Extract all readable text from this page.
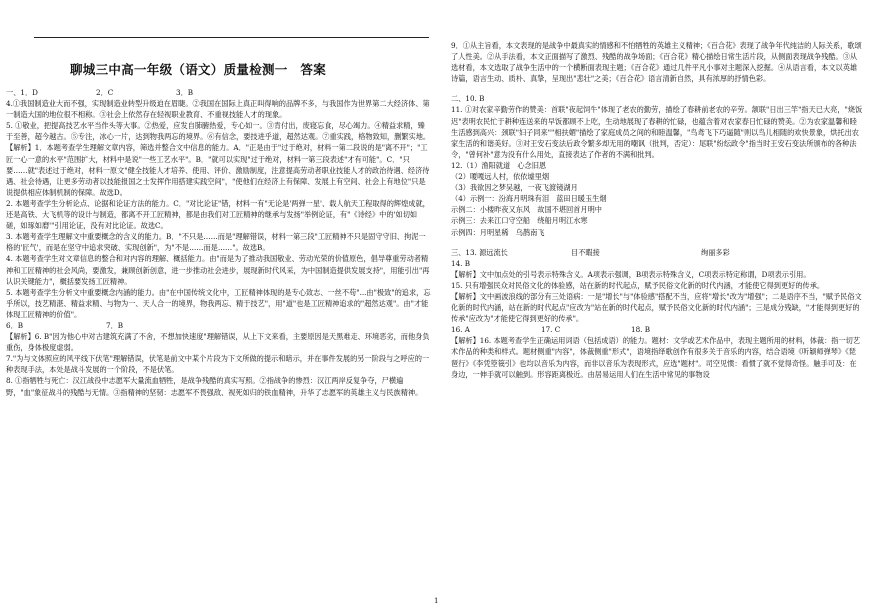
聊城三中高一年级（语文）质量检测一　答案
一、1．D	2．C	3．B

4.①我国制造业大而不强，实现制造业转型升级迫在眉睫。②我国在国际上真正叫得响的品牌不多，与我国作为世界第二大经济体、第一制造大国的地位很不相称。③社会上依然存在轻视职业教育、不重视技能人才的现象。

5. ①敬业，把提高技艺水平当作头等大事。②热爱，应发自肺腑热爱，专心如一。③肯付出，废寝忘食，尽心竭力。④精益求精，臻于至善，超今越古。⑤专注，冰心一片，达到物我两忘的境界。⑥有信念，要技进乎道，超然达观。⑦重实践，格物致知，删繁实地。

【解析】1．本题考查学生理解文章内容，筛选并整合文中信息的能力。A．"正是由于"过于绝对，材料一第二段说的是"离不开"；"工匠一心一意的水平"范围扩大，材料中是说"一些工艺水平"。B．"就可以实现"过于绝对，材料一第三段表述"才有可能"。C．"只要……就"表述过于绝对，材料一原文"健全技能人才培养、使用、评价、激励制度，注意提高劳动者职业技能人才的政治待遇、经济待遇、社会待遇，让更多劳动者以技能报国之士发挥作用搭建实践空间"，"使他们在经济上有保障、发展上有空间、社会上有地位"只是说提供相应体制机制的保障。故选D。

2. 本题考查学生分析论点、论据和论证方法的能力。C．"对比论证"错，材料一有"无论是'两弹一星'、载人航天工程取得的辉煌成就，还是高铁、大飞机等的设计与制造，都离不开工匠精神，都是由我们对工匠精神的继承与发扬"举例论证，有"《诗经》中的'如切如磋，如琢如磨'"引用论证，没有对比论证。故选C。

3. 本题考查学生理解文中重要概念的含义的能力。B．"不只是……而是"理解错误，材料一第三段"工匠精神不只是固守守旧、拘泥一格的'匠气'，而是在坚守中追求突破、实现创新"，为"不是……而是……"。故选B。

4. 本题考查学生对文章信息的整合和对内容的理解、概括能力。由"而是为了推动我国敬业、劳动光荣的价值原色，倡导尊重劳动者精神和工匠精神的社会风尚，要激发，兼顾创新创意，进一步推动社会进步，展现新时代风采，为中国制造提供发展支持"，用能引出"再认识关键能力"，概括要发扬工匠精神。

5. 本题考查学生分析文中重要概念内涵的能力。由"在中国传统文化中，工匠精神体现的是专心致志、一丝不苟"...由"极致"的追求，忘乎所以，技艺精湛、精益求精、与物为一、天人合一的境界，物我两忘、精于技艺"，用"道"也是工匠精神追求的"超然达观"。由"才能体现工匠精神的价值"。

6．B	7．B

【解析】6. B"因为他心中对古建筑充满了不舍，不想加快速度"理解错误，从上下文来看，主要原因是天黑难走、环境恶劣，而他身负重伤，身体极度虚弱。

7."为与文体照应的风平线下伏笔"理解错误，伏笔是前文中某个片段为下文所做的提示和暗示，并在事件发展的另一阶段与之呼应的一种表现手法，本处是战斗发展的一个阶段，不是伏笔。

8. ①指牺牲与死亡：汉江战役中志愿军大量流血牺牲，是战争残酷的真实写照。②指战争的惨烈：汉江两岸反复争夺，尸横遍野，"血"象征战斗的残酷与无情。③指精神的坚韧：志愿军不畏强敌、视死如归的铁血精神，升华了志愿军的英雄主义与民族精神。

9．①从主旨看，本文表现的是战争中最真实的情感和不怕牺牲的英雄主义精神；《百合花》表现了战争年代纯洁的人际关系，歌颂了人性美。②从手法看，本文正面描写了激烈、残酷的战争场面；《百合花》精心描绘日常生活片段，从侧面表现战争残酷。③从选材看，本文选取了战争生活中的一个横断面表现主题；《百合花》通过几件平凡小事对主题深入挖掘。④从语言看，本文以英雄诗篇，语言生动、质朴、真挚，呈现出"悲壮"之美；《百合花》语言清新自然，具有浓厚的抒情色彩。

二、10. B

11. ①对农家辛勤劳作的赞美：首联"夜起饲牛"体现了老农的勤劳，描绘了春耕前老农的辛劳。颔联"日出三竿"指天已大亮，"烧饭迟"表明农民忙于耕种连送来的早饭都顾不上吃，生动地展现了春耕的忙碌，也蕴含着对农家春日忙碌的赞美。②为农家温馨和睦生活感到高兴：颈联"妇子同来""相扶媚"描绘了家庭成员之间的和睦温馨，"鸟鸢飞下巧逼随"则以鸟儿相随的欢快景象，烘托出农家生活的和谐美好。③对王安石变法后政令繁多却无用的嘲讽（批判，否定）：尾联"纷纭政令"指当时王安石变法所颁布的各种法令，"曾何补"意为没有什么用处，直接表达了作者的不满和批判。

12.（1）渔阳就道　心念旧恩

（2）嗄嘎远人村，依依墟里烟

（3）我欲因之梦吴越，一夜飞渡镜湖月

（4）示例一：汾海月明珠有泪　蓝田日暖玉生烟

示例二：小楼昨夜又东风　故国不堪回首月明中

示例三：去来江口守空船　绕船月明江水寒

示例四：月明星稀　乌鹊南飞

三、13. 源远流长	目不暇接	绚丽多彩

14. B

【解析】文中加点处的引号表示特殊含义。A项表示强调，B项表示特殊含义，C项表示特定称谓，D项表示引用。

15. 只有增强民众对民俗文化的体验感，站在新的时代起点，赋予民俗文化新的时代内涵，才能使它得到更好的传承。

【解析】文中画波浪线的部分有三处语病：一是"增长"与"体验感"搭配不当，应将"增长"改为"增强"；二是语序不当，"赋予民俗文化新的时代内涵，站在新的时代起点"应改为"站在新的时代起点，赋予民俗文化新的时代内涵"；三是成分残缺，"才能得到更好的传承"应改为"才能使它得到更好的传承"。

16. A	17. C	18. B

【解析】16. 本题考查学生正确运用词语（包括成语）的能力。题材：文学或艺术作品中，表现主题所用的材料，体裁：指一切艺术作品的种类和样式。题材侧重"内容"，体裁侧重"形式"，语境指绎歌创作有很多关于音乐的内容，结合语境《听颖师弹琴》《琵琶行》《李凭箜篌引》也均以音乐为内容，而非以音乐为表现形式，应选"题材"。司空见惯：看惯了就不觉得奇怪。触手可及：在身边，一伸手就可以触到。形容距离极近。由居易运用人们在生活中常见的事物设

1
